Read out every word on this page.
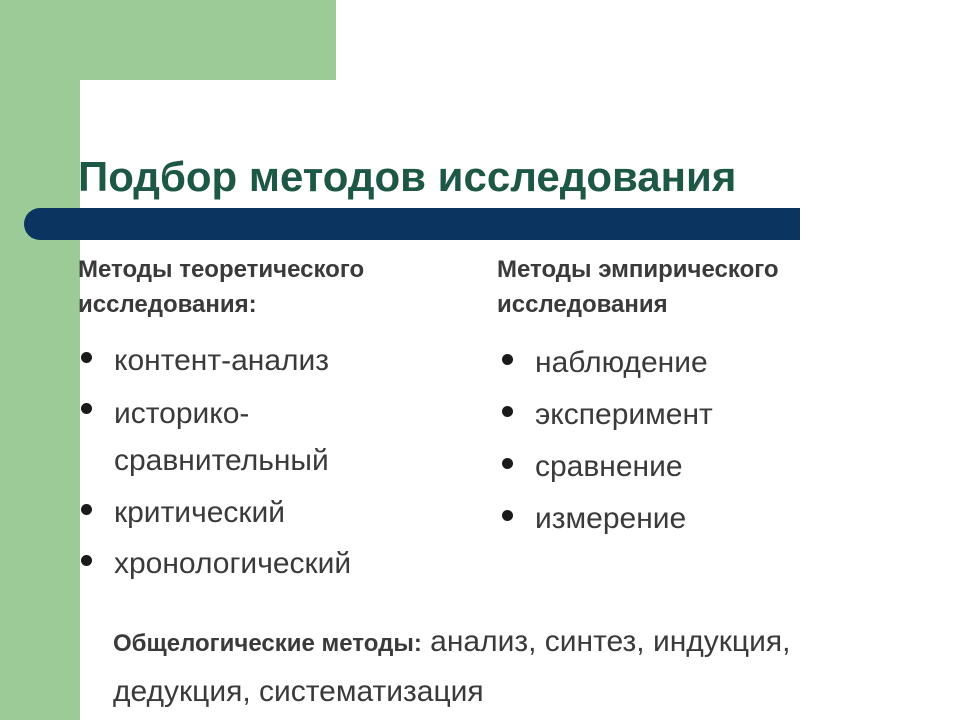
Подбор методов исследования
Методы теоретического исследования:
Методы эмпирического исследования
контент-анализ
историко-сравнительный
критический
хронологический
наблюдение
эксперимент
сравнение
измерение
Общелогические методы: анализ, синтез, индукция, дедукция, систематизация
